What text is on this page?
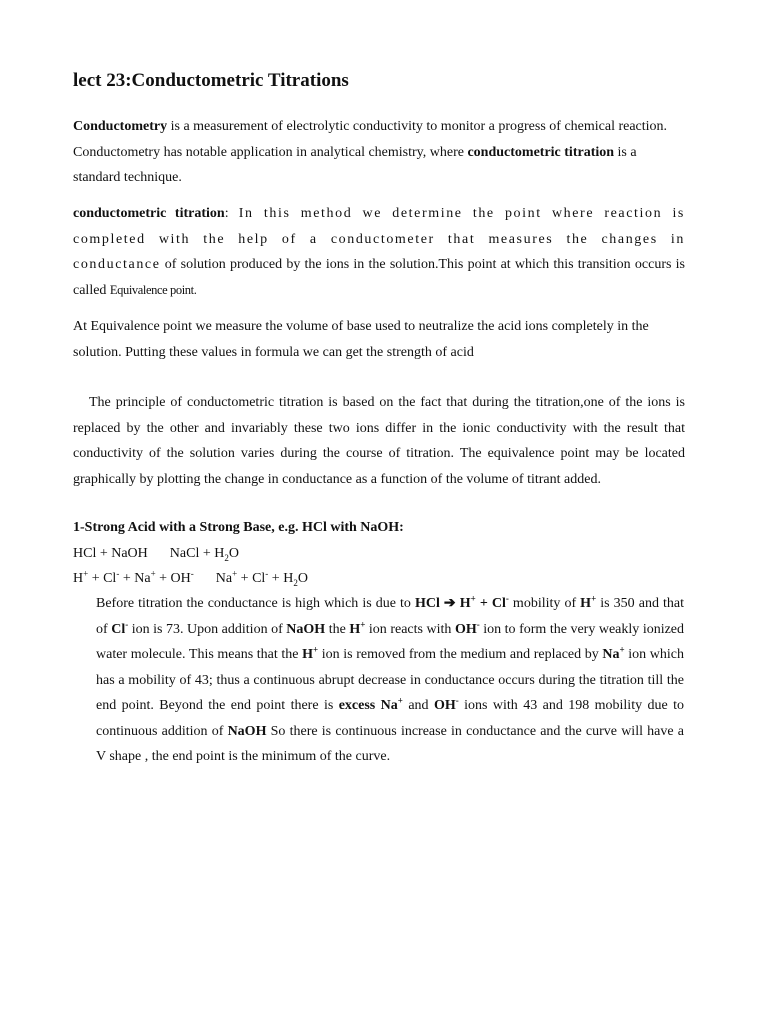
lect 23:Conductometric Titrations
Conductometry is a measurement of electrolytic conductivity to monitor a progress of chemical reaction. Conductometry has notable application in analytical chemistry, where conductometric titration is a standard technique.
conductometric titration: In this method we determine the point where reaction is completed with the help of a conductometer that measures the changes in conductance of solution produced by the ions in the solution.This point at which this transition occurs is called Equivalence point.
At Equivalence point we measure the volume of base used to neutralize the acid ions completely in the solution. Putting these values in formula we can get the strength of acid
The principle of conductometric titration is based on the fact that during the titration,one of the ions is replaced by the other and invariably these two ions differ in the ionic conductivity with the result that conductivity of the solution varies during the course of titration. The equivalence point may be located graphically by plotting the change in conductance as a function of the volume of titrant added.
1-Strong Acid with a Strong Base, e.g. HCl with NaOH:
HCl + NaOH NaCl + $H_2O$
H+ + Cl- + Na+ + OH- $Na^+ + Cl^- + H_2O$
Before titration the conductance is high which is due to HCl ➔ H+ + Cl- mobility of H+ is 350 and that of Cl- ion is 73. Upon addition of NaOH the H+ ion reacts with OH- ion to form the very weakly ionized water molecule. This means that the H+ ion is removed from the medium and replaced by Na+ ion which has a mobility of 43; thus a continuous abrupt decrease in conductance occurs during the titration till the end point. Beyond the end point there is excess Na+ and OH- ions with 43 and 198 mobility due to continuous addition of NaOH So there is continuous increase in conductance and the curve will have a V shape , the end point is the minimum of the curve.
